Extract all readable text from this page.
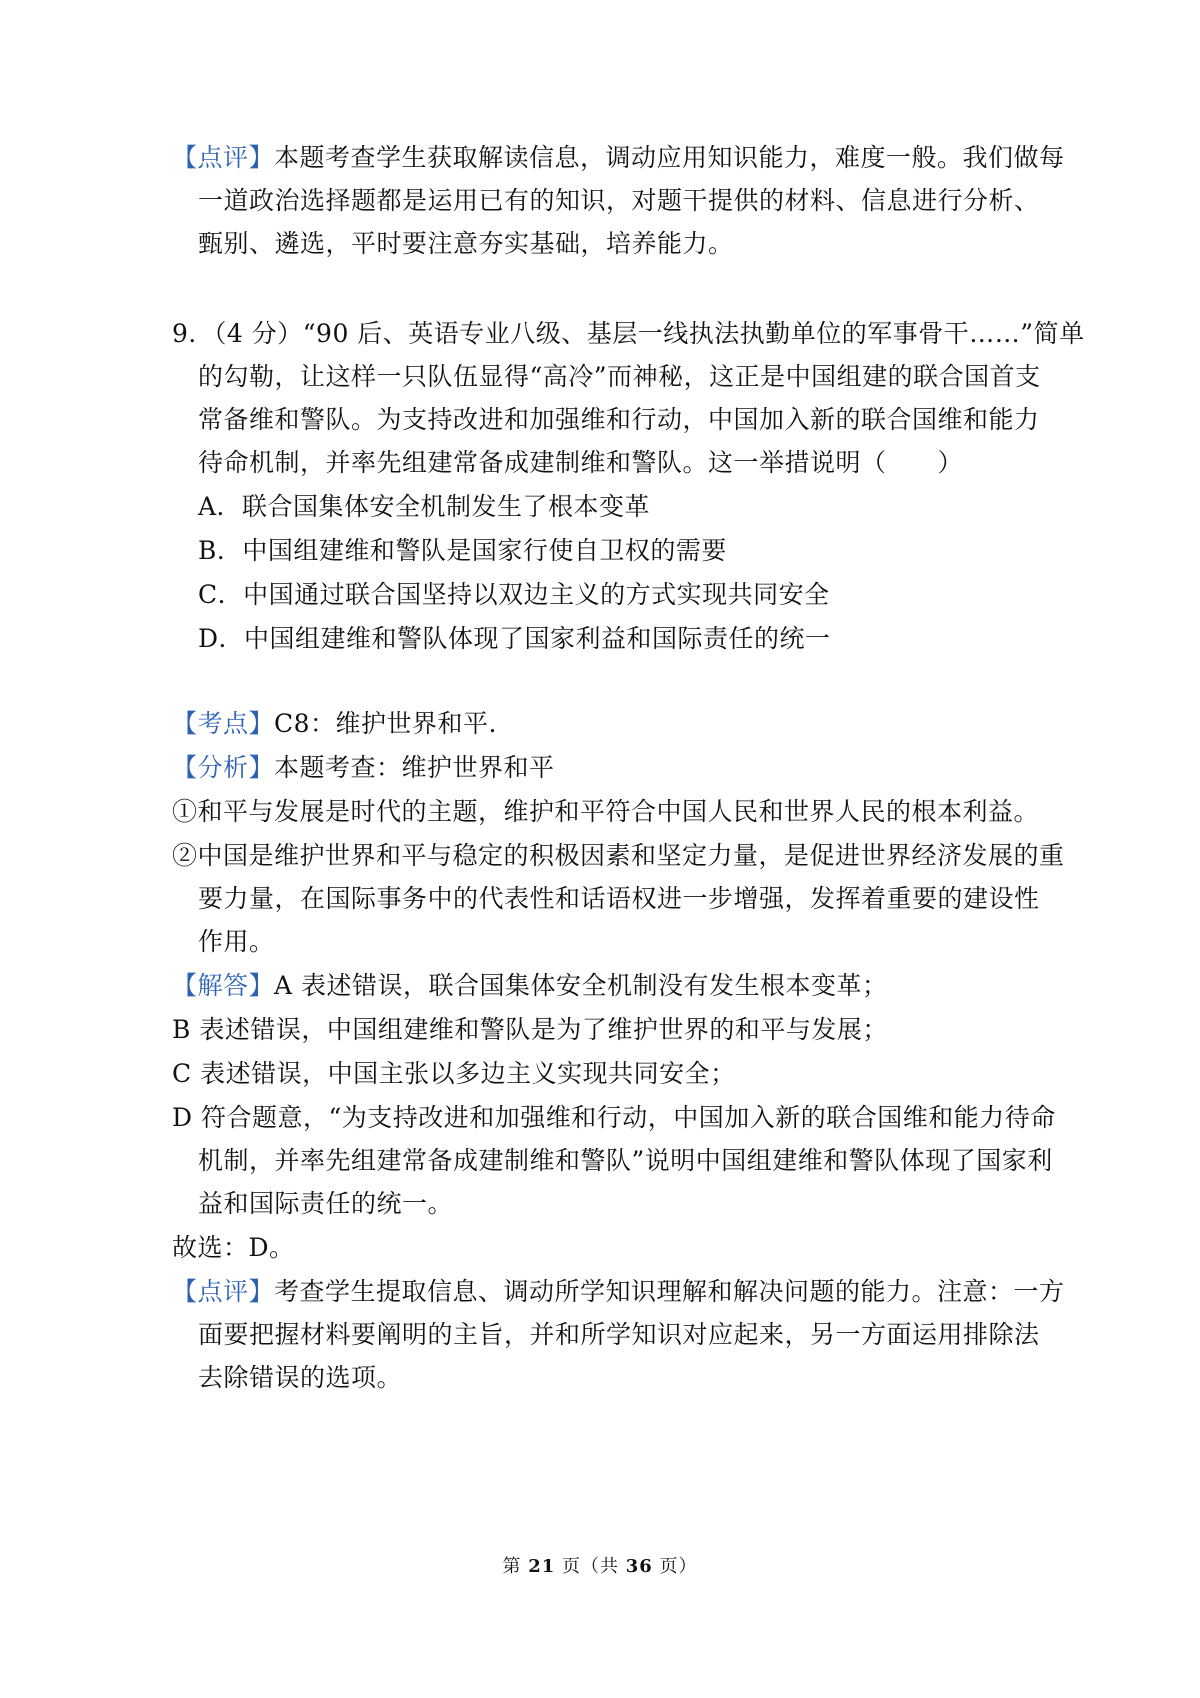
【点评】本题考查学生获取解读信息，调动应用知识能力，难度一般。我们做每
一道政治选择题都是运用已有的知识，对题干提供的材料、信息进行分析、
甄别、遴选，平时要注意夯实基础，培养能力。
9．（4 分）“90 后、英语专业八级、基层一线执法执勤单位的军事骨干……”简单
的勾勒，让这样一只队伍显得“高冷”而神秘，这正是中国组建的联合国首支
常备维和警队。为支持改进和加强维和行动，中国加入新的联合国维和能力
待命机制，并率先组建常备成建制维和警队。这一举措说明（　　）
A．联合国集体安全机制发生了根本变革
B．中国组建维和警队是国家行使自卫权的需要
C．中国通过联合国坚持以双边主义的方式实现共同安全
D．中国组建维和警队体现了国家利益和国际责任的统一
【考点】C8：维护世界和平.
【分析】本题考查：维护世界和平
①和平与发展是时代的主题，维护和平符合中国人民和世界人民的根本利益。
②中国是维护世界和平与稳定的积极因素和坚定力量，是促进世界经济发展的重
要力量，在国际事务中的代表性和话语权进一步增强，发挥着重要的建设性
作用。
【解答】A 表述错误，联合国集体安全机制没有发生根本变革；
B 表述错误，中国组建维和警队是为了维护世界的和平与发展；
C 表述错误，中国主张以多边主义实现共同安全；
D 符合题意，“为支持改进和加强维和行动，中国加入新的联合国维和能力待命
机制，并率先组建常备成建制维和警队”说明中国组建维和警队体现了国家利
益和国际责任的统一。
故选：D。
【点评】考查学生提取信息、调动所学知识理解和解决问题的能力。注意：一方
面要把握材料要阐明的主旨，并和所学知识对应起来，另一方面运用排除法
去除错误的选项。
第 21 页（共 36 页）
